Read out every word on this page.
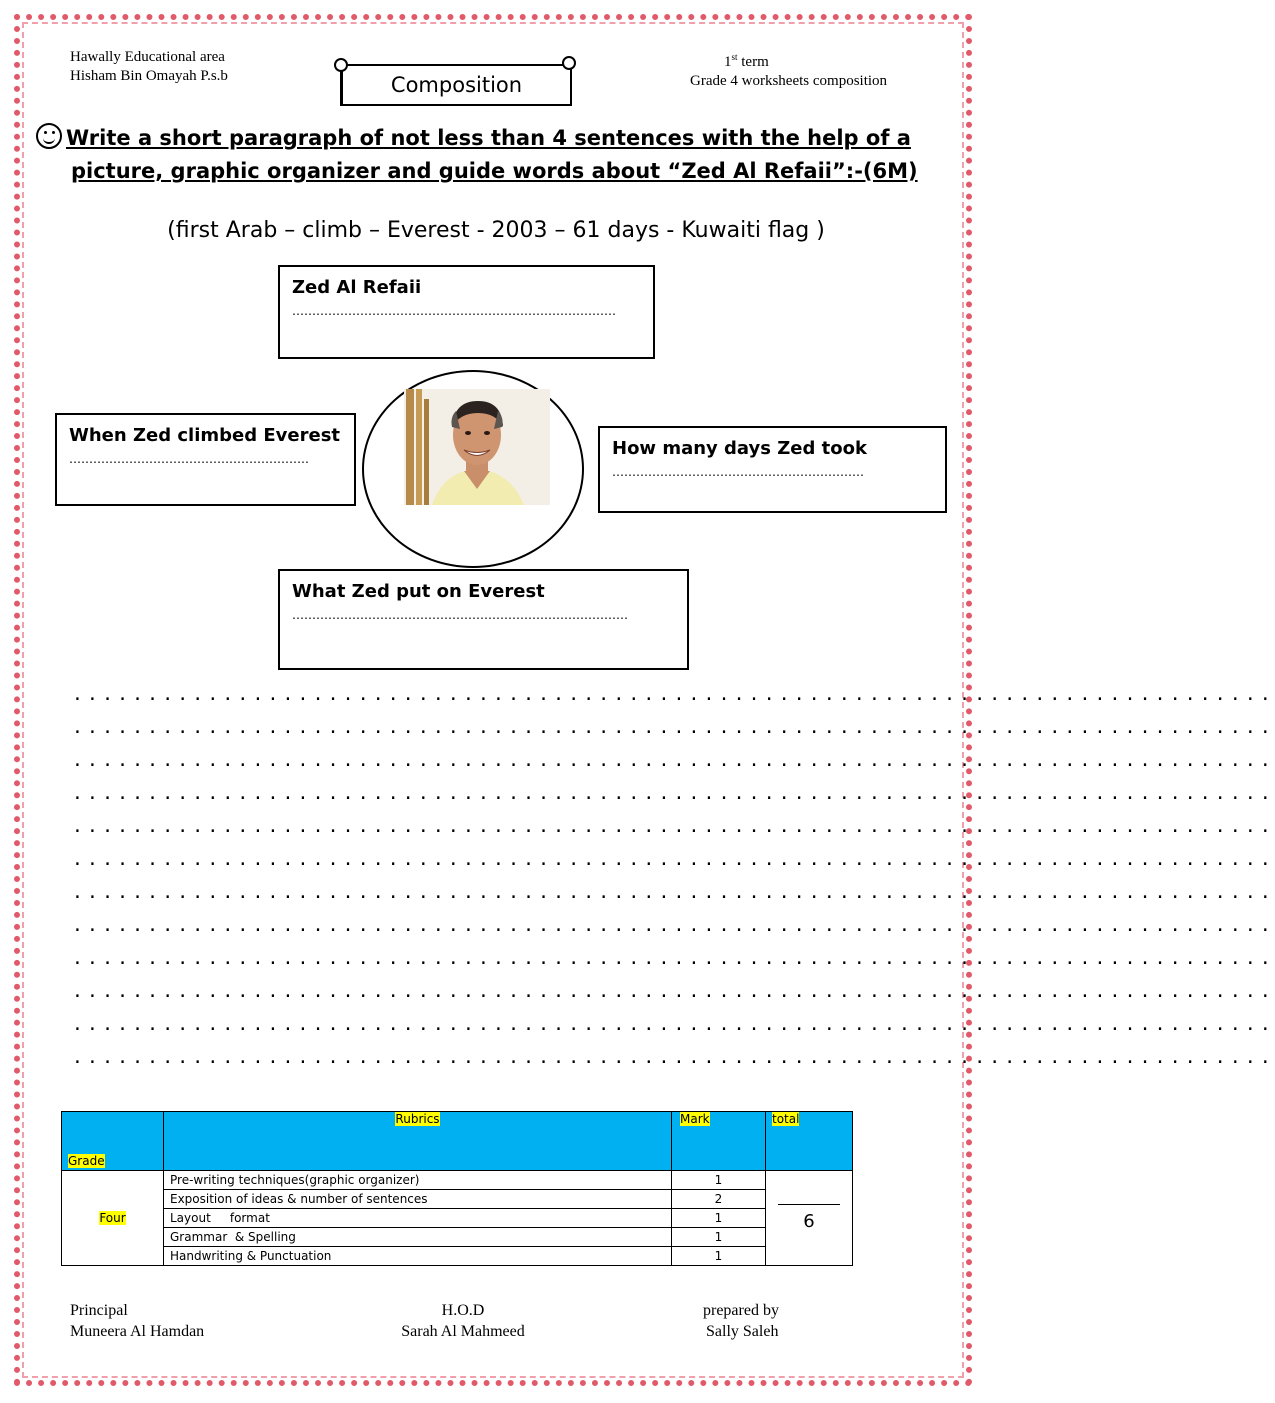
Hawally Educational area
Hisham Bin Omayah P.s.b
1st term
Grade 4 worksheets composition
Composition
Write a short paragraph of not less than 4 sentences with the help of a
picture, graphic organizer and guide words about “Zed Al Refaii”:-(6M)
(first Arab – climb – Everest - 2003 – 61 days - Kuwaiti flag )
Zed Al Refaii
………………………………………………………………………
When Zed climbed Everest
……………………………………………………	How many days Zed took
………………………………………………………
What Zed put on Everest
…………………………………………………………………………
................................................................................
................................................................................
................................................................................
................................................................................
................................................................................
................................................................................
................................................................................
................................................................................
................................................................................
................................................................................
................................................................................
................................................................................
Grade	Rubrics	Mark	total
Four	Pre-writing techniques(graphic organizer)	1	6
	Exposition of ideas & number of sentences	2	
	Layout     format	1	
	Grammar  & Spelling	1	
	Handwriting & Punctuation	1	
Principal
Muneera Al Hamdan
H.O.D
Sarah Al Mahmeed
prepared by
Sally Saleh
